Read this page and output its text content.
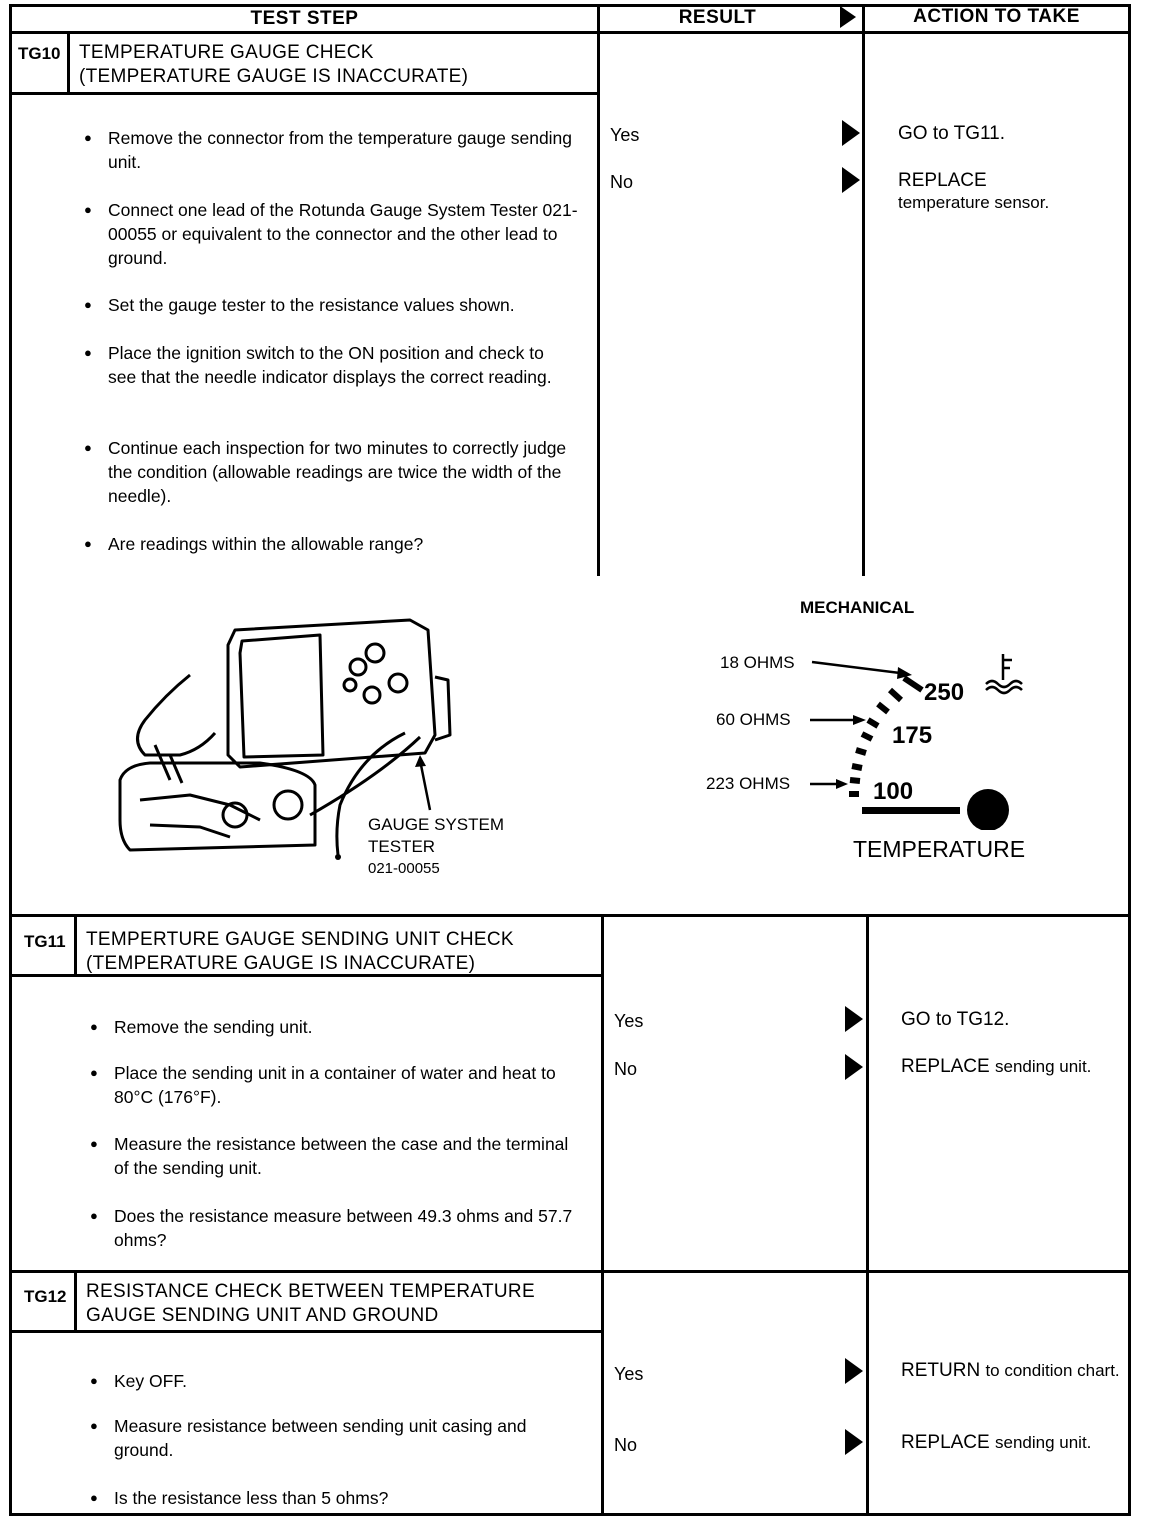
TEST STEP	RESULT	ACTION TO TAKE
TG10 TEMPERATURE GAUGE CHECK
(TEMPERATURE GAUGE IS INACCURATE)
● Remove the connector from the temperature gauge sending unit.
● Connect one lead of the Rotunda Gauge System Tester 021-00055 or equivalent to the connector and the other lead to ground.
● Set the gauge tester to the resistance values shown.
● Place the ignition switch to the ON position and check to see that the needle indicator displays the correct reading.
● Continue each inspection for two minutes to correctly judge the condition (allowable readings are twice the width of the needle).
● Are readings within the allowable range?
Yes
No
GO to TG11.
REPLACE
temperature sensor.
GAUGE SYSTEM
TESTER
021-00055
MECHANICAL
18 OHMS
60 OHMS
223 OHMS
250
175
100
TEMPERATURE
TG11 TEMPERTURE GAUGE SENDING UNIT CHECK
(TEMPERATURE GAUGE IS INACCURATE)
● Remove the sending unit.
● Place the sending unit in a container of water and heat to 80°C (176°F).
● Measure the resistance between the case and the terminal of the sending unit.
● Does the resistance measure between 49.3 ohms and 57.7 ohms?
Yes
No
GO to TG12.
REPLACE sending unit.
TG12 RESISTANCE CHECK BETWEEN TEMPERATURE
GAUGE SENDING UNIT AND GROUND
● Key OFF.
● Measure resistance between sending unit casing and ground.
● Is the resistance less than 5 ohms?
Yes
No
RETURN to condition chart.
REPLACE sending unit.
